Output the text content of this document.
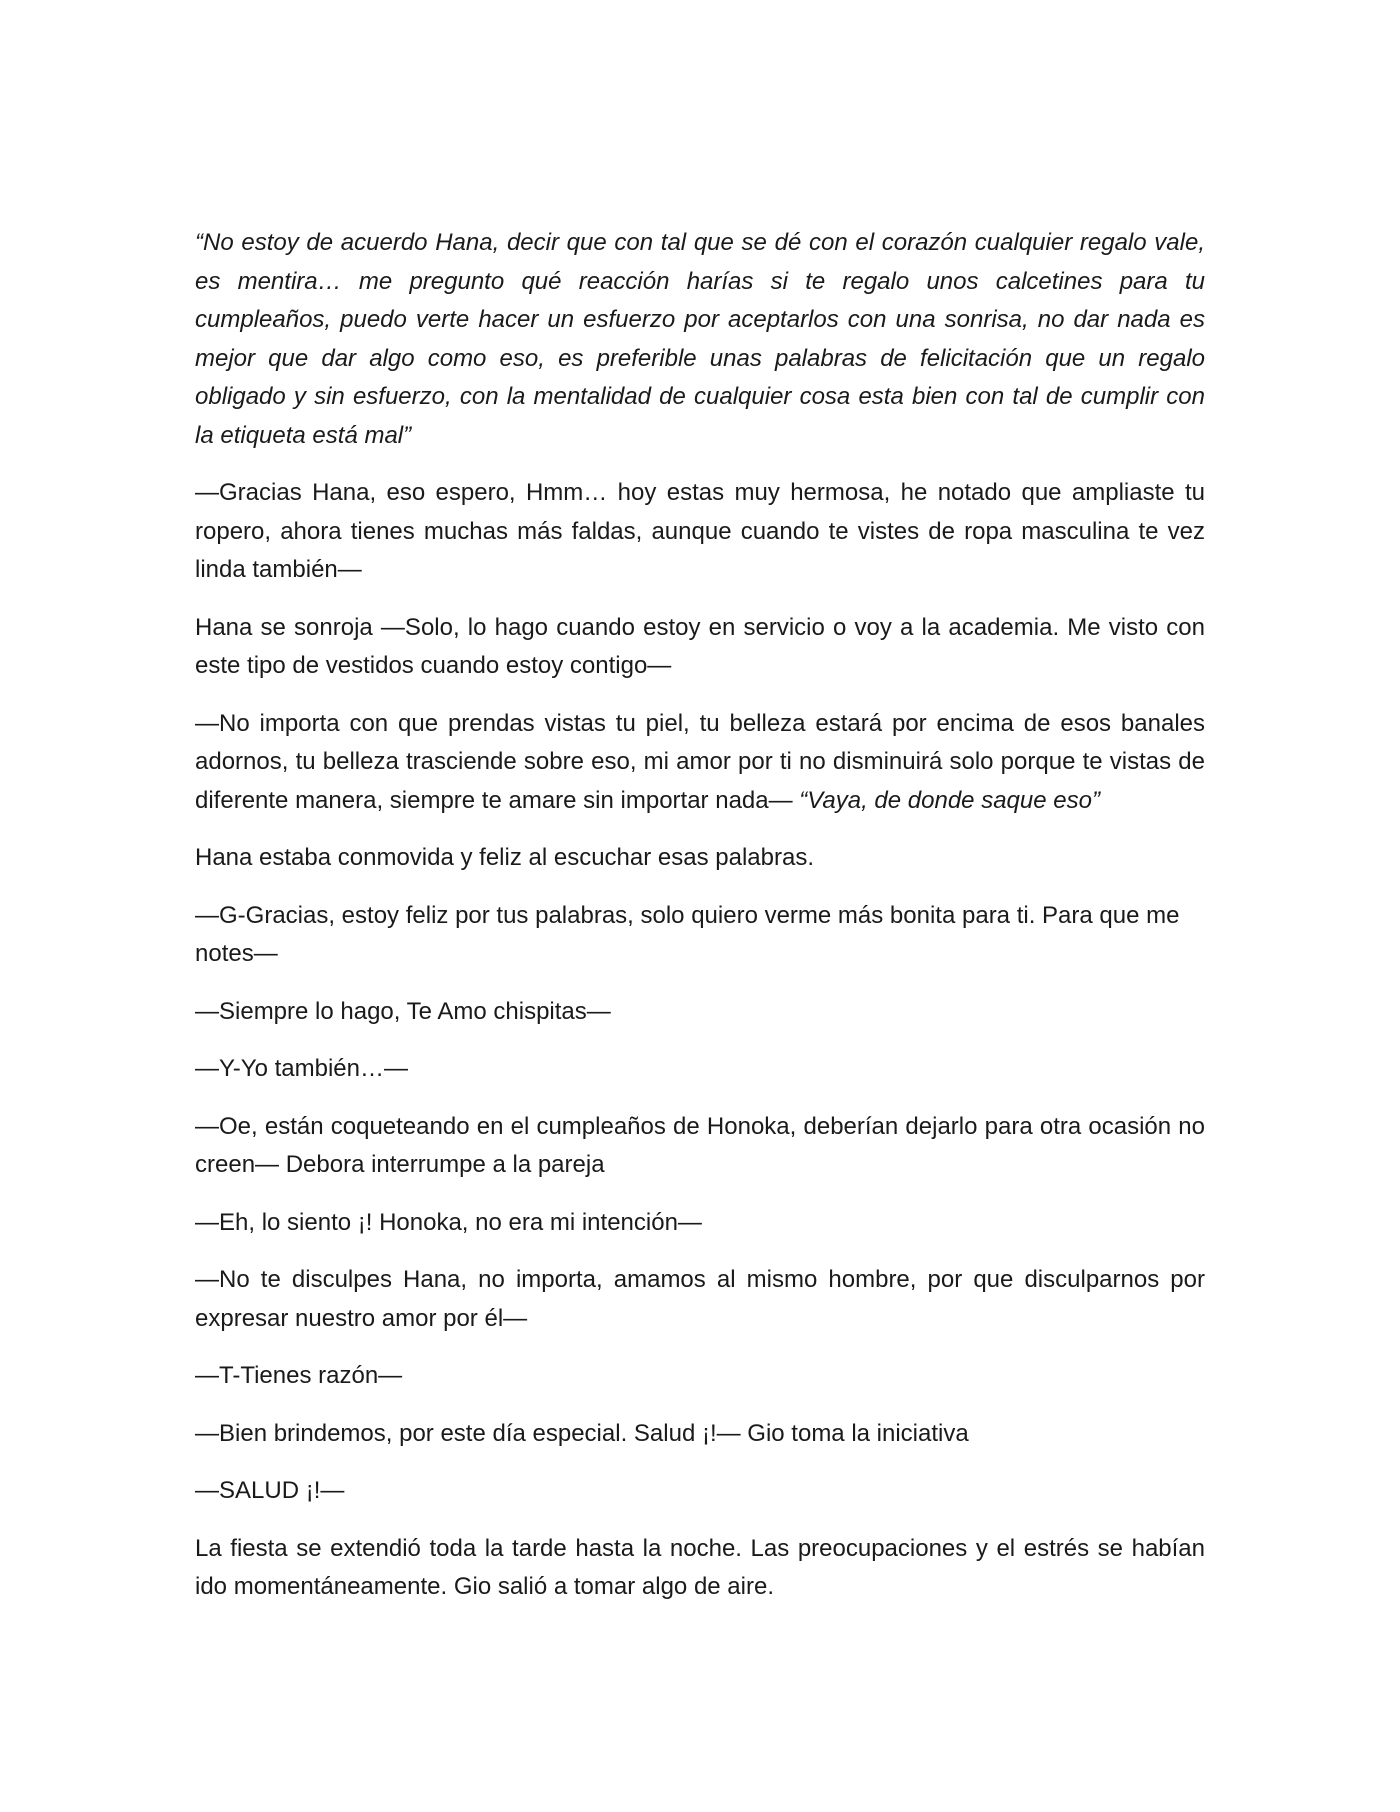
“No estoy de acuerdo Hana, decir que con tal que se dé con el corazón cualquier regalo vale, es mentira… me pregunto qué reacción harías si te regalo unos calcetines para tu cumpleaños, puedo verte hacer un esfuerzo por aceptarlos con una sonrisa, no dar nada es mejor que dar algo como eso, es preferible unas palabras de felicitación que un regalo obligado y sin esfuerzo, con la mentalidad de cualquier cosa esta bien con tal de cumplir con la etiqueta está mal”

—Gracias Hana, eso espero, Hmm… hoy estas muy hermosa, he notado que ampliaste tu ropero, ahora tienes muchas más faldas, aunque cuando te vistes de ropa masculina te vez linda también—

Hana se sonroja —Solo, lo hago cuando estoy en servicio o voy a la academia. Me visto con este tipo de vestidos cuando estoy contigo—

—No importa con que prendas vistas tu piel, tu belleza estará por encima de esos banales adornos, tu belleza trasciende sobre eso, mi amor por ti no disminuirá solo porque te vistas de diferente manera, siempre te amare sin importar nada— “Vaya, de donde saque eso”

Hana estaba conmovida y feliz al escuchar esas palabras.

—G-Gracias, estoy feliz por tus palabras, solo quiero verme más bonita para ti. Para que me notes—

—Siempre lo hago, Te Amo chispitas—

—Y-Yo también…—

—Oe, están coqueteando en el cumpleaños de Honoka, deberían dejarlo para otra ocasión no creen— Debora interrumpe a la pareja

—Eh, lo siento ¡! Honoka, no era mi intención—

—No te disculpes Hana, no importa, amamos al mismo hombre, por que disculparnos por expresar nuestro amor por él—

—T-Tienes razón—

—Bien brindemos, por este día especial. Salud ¡!— Gio toma la iniciativa

—SALUD ¡!—

La fiesta se extendió toda la tarde hasta la noche. Las preocupaciones y el estrés se habían ido momentáneamente. Gio salió a tomar algo de aire.
